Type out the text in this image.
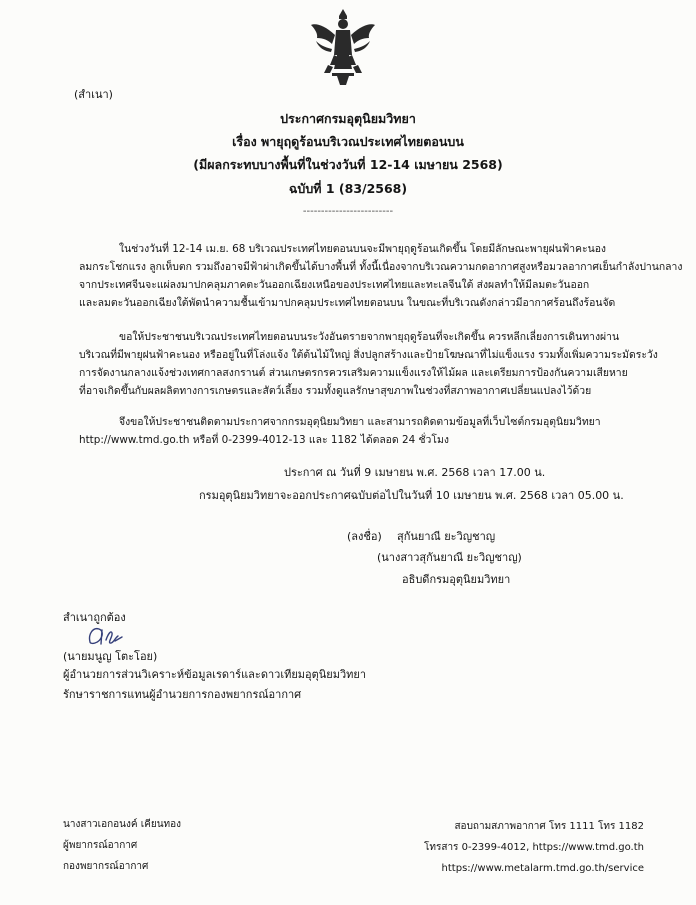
(สำเนา)
ประกาศกรมอุตุนิยมวิทยา
เรื่อง พายุฤดูร้อนบริเวณประเทศไทยตอนบน
(มีผลกระทบบางพื้นที่ในช่วงวันที่ 12-14 เมษายน 2568)
ฉบับที่ 1 (83/2568)
-------------------------
ในช่วงวันที่ 12-14 เม.ย. 68 บริเวณประเทศไทยตอนบนจะมีพายุฤดูร้อนเกิดขึ้น โดยมีลักษณะพายุฝนฟ้าคะนอง
ลมกระโชกแรง ลูกเห็บตก รวมถึงอาจมีฟ้าผ่าเกิดขึ้นได้บางพื้นที่ ทั้งนี้เนื่องจากบริเวณความกดอากาศสูงหรือมวลอากาศเย็นกำลังปานกลาง
จากประเทศจีนจะแผ่ลงมาปกคลุมภาคตะวันออกเฉียงเหนือของประเทศไทยและทะเลจีนใต้ ส่งผลทำให้มีลมตะวันออก
และลมตะวันออกเฉียงใต้พัดนำความชื้นเข้ามาปกคลุมประเทศไทยตอนบน ในขณะที่บริเวณดังกล่าวมีอากาศร้อนถึงร้อนจัด
ขอให้ประชาชนบริเวณประเทศไทยตอนบนระวังอันตรายจากพายุฤดูร้อนที่จะเกิดขึ้น ควรหลีกเลี่ยงการเดินทางผ่าน
บริเวณที่มีพายุฝนฟ้าคะนอง หรืออยู่ในที่โล่งแจ้ง ใต้ต้นไม้ใหญ่ สิ่งปลูกสร้างและป้ายโฆษณาที่ไม่แข็งแรง รวมทั้งเพิ่มความระมัดระวัง
การจัดงานกลางแจ้งช่วงเทศกาลสงกรานต์ ส่วนเกษตรกรควรเสริมความแข็งแรงให้ไม้ผล และเตรียมการป้องกันความเสียหาย
ที่อาจเกิดขึ้นกับผลผลิตทางการเกษตรและสัตว์เลี้ยง รวมทั้งดูแลรักษาสุขภาพในช่วงที่สภาพอากาศเปลี่ยนแปลงไว้ด้วย
จึงขอให้ประชาชนติดตามประกาศจากกรมอุตุนิยมวิทยา และสามารถติดตามข้อมูลที่เว็บไซต์กรมอุตุนิยมวิทยา
http://www.tmd.go.th หรือที่ 0-2399-4012-13 และ 1182 ได้ตลอด 24 ชั่วโมง
ประกาศ ณ วันที่ 9 เมษายน พ.ศ. 2568 เวลา 17.00 น.
กรมอุตุนิยมวิทยาจะออกประกาศฉบับต่อไปในวันที่ 10 เมษายน พ.ศ. 2568 เวลา 05.00 น.
(ลงชื่อ) สุกันยาณี ยะวิญชาญ
(นางสาวสุกันยาณี ยะวิญชาญ)
อธิบดีกรมอุตุนิยมวิทยา
สำเนาถูกต้อง
(นายมนูญ โตะโอย)
ผู้อำนวยการส่วนวิเคราะห์ข้อมูลเรดาร์และดาวเทียมอุตุนิยมวิทยา
รักษาราชการแทนผู้อำนวยการกองพยากรณ์อากาศ
นางสาวเอกอนงค์ เคียนทอง
ผู้พยากรณ์อากาศ
กองพยากรณ์อากาศ
สอบถามสภาพอากาศ โทร 1111 โทร 1182
โทรสาร 0-2399-4012, https://www.tmd.go.th
https://www.metalarm.tmd.go.th/service
